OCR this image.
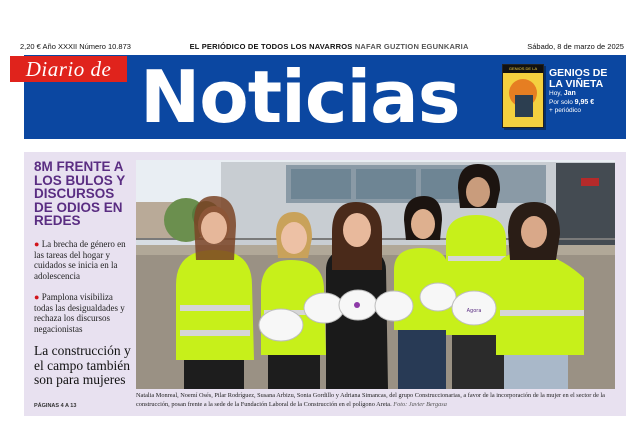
2,20 € Año XXXII Número 10.873	EL PERIÓDICO DE TODOS LOS NAVARROS NAFAR GUZTION EGUNKARIA	Sábado, 8 de marzo de 2025
Diario de Noticias	GENIOS DE LA VIÑETA	GENIOS DE
LA VIÑETA
Hoy, Jan
Por solo 9,95 €
+ periódico
8M FRENTE A LOS BULOS Y DISCURSOS DE ODIOS EN REDES
● La brecha de género en las tareas del hogar y cuidados se inicia en la adolescencia
● Pamplona visibiliza todas las desigualdades y rechaza los discursos negacionistas
La construcción y el campo también son para mujeres
PÁGINAS 4 A 13
Agora
Natalia Monreal, Noemí Osés, Pilar Rodríguez, Susana Arbizu, Sonia Gordillo y Adriana Simancas, del grupo Construccionarias, a favor de la incorporación de la mujer en el sector de la construcción, posan frente a la sede de la Fundación Laboral de la Construcción en el polígono Areta. Foto: Javier Bergasa
